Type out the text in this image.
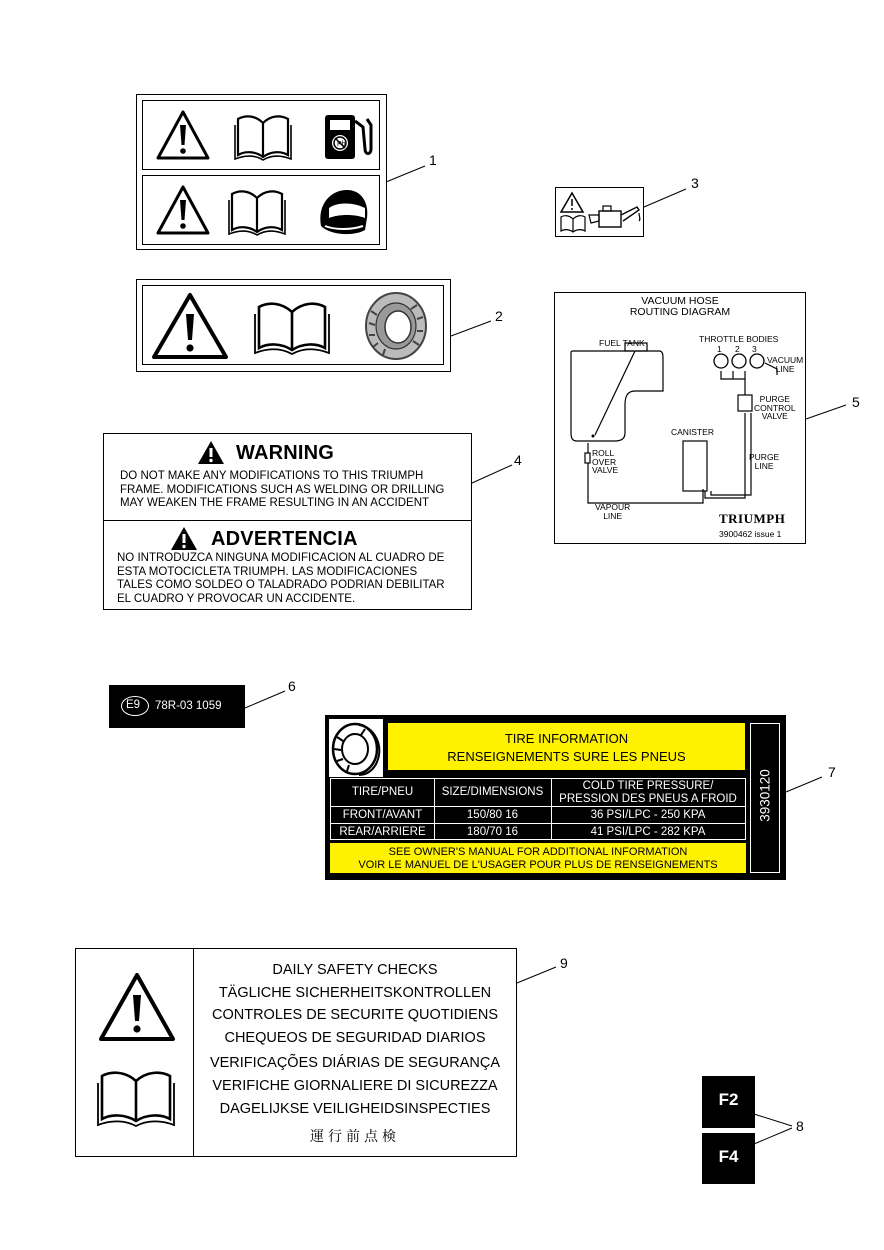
1
2
3
4
5
6
7
8
9
Pb
WARNING
DO NOT MAKE ANY MODIFICATIONS TO THIS TRIUMPH
FRAME. MODIFICATIONS SUCH AS WELDING OR DRILLING
MAY WEAKEN THE FRAME RESULTING IN AN ACCIDENT
ADVERTENCIA
NO INTRODUZCA NINGUNA MODIFICACION AL CUADRO DE
ESTA MOTOCICLETA TRIUMPH. LAS MODIFICACIONES
TALES COMO SOLDEO O TALADRADO PODRIAN DEBILITAR
EL CUADRO Y PROVOCAR UN ACCIDENTE.
VACUUM HOSE
ROUTING DIAGRAM
FUEL TANK	THROTTLE BODIES
1 2 3
VACUUM
LINE
PURGE
CONTROL
VALVE
CANISTER
PURGE
LINE
ROLL
OVER
VALVE
VAPOUR
LINE	TRIUMPH
3900462 issue 1
E9 78R-03 1059
TIRE INFORMATION
RENSEIGNEMENTS SURE LES PNEUS
3930120
TIRE/PNEU	SIZE/DIMENSIONS	COLD TIRE PRESSURE/
PRESSION DES PNEUS A FROID
FRONT/AVANT	150/80 16	36 PSI/LPC - 250 KPA
REAR/ARRIERE	180/70 16	41 PSI/LPC - 282 KPA
SEE OWNER'S MANUAL FOR ADDITIONAL INFORMATION
VOIR LE MANUEL DE L'USAGER POUR PLUS DE RENSEIGNEMENTS
DAILY SAFETY CHECKS
TÄGLICHE SICHERHEITSKONTROLLEN
CONTROLES DE SECURITE QUOTIDIENS
CHEQUEOS DE SEGURIDAD DIARIOS
VERIFICAÇÕES DIÁRIAS DE SEGURANÇA
VERIFICHE GIORNALIERE DI SICUREZZA
DAGELIJKSE VEILIGHEIDSINSPECTIES
運行前点検
F2
F4
